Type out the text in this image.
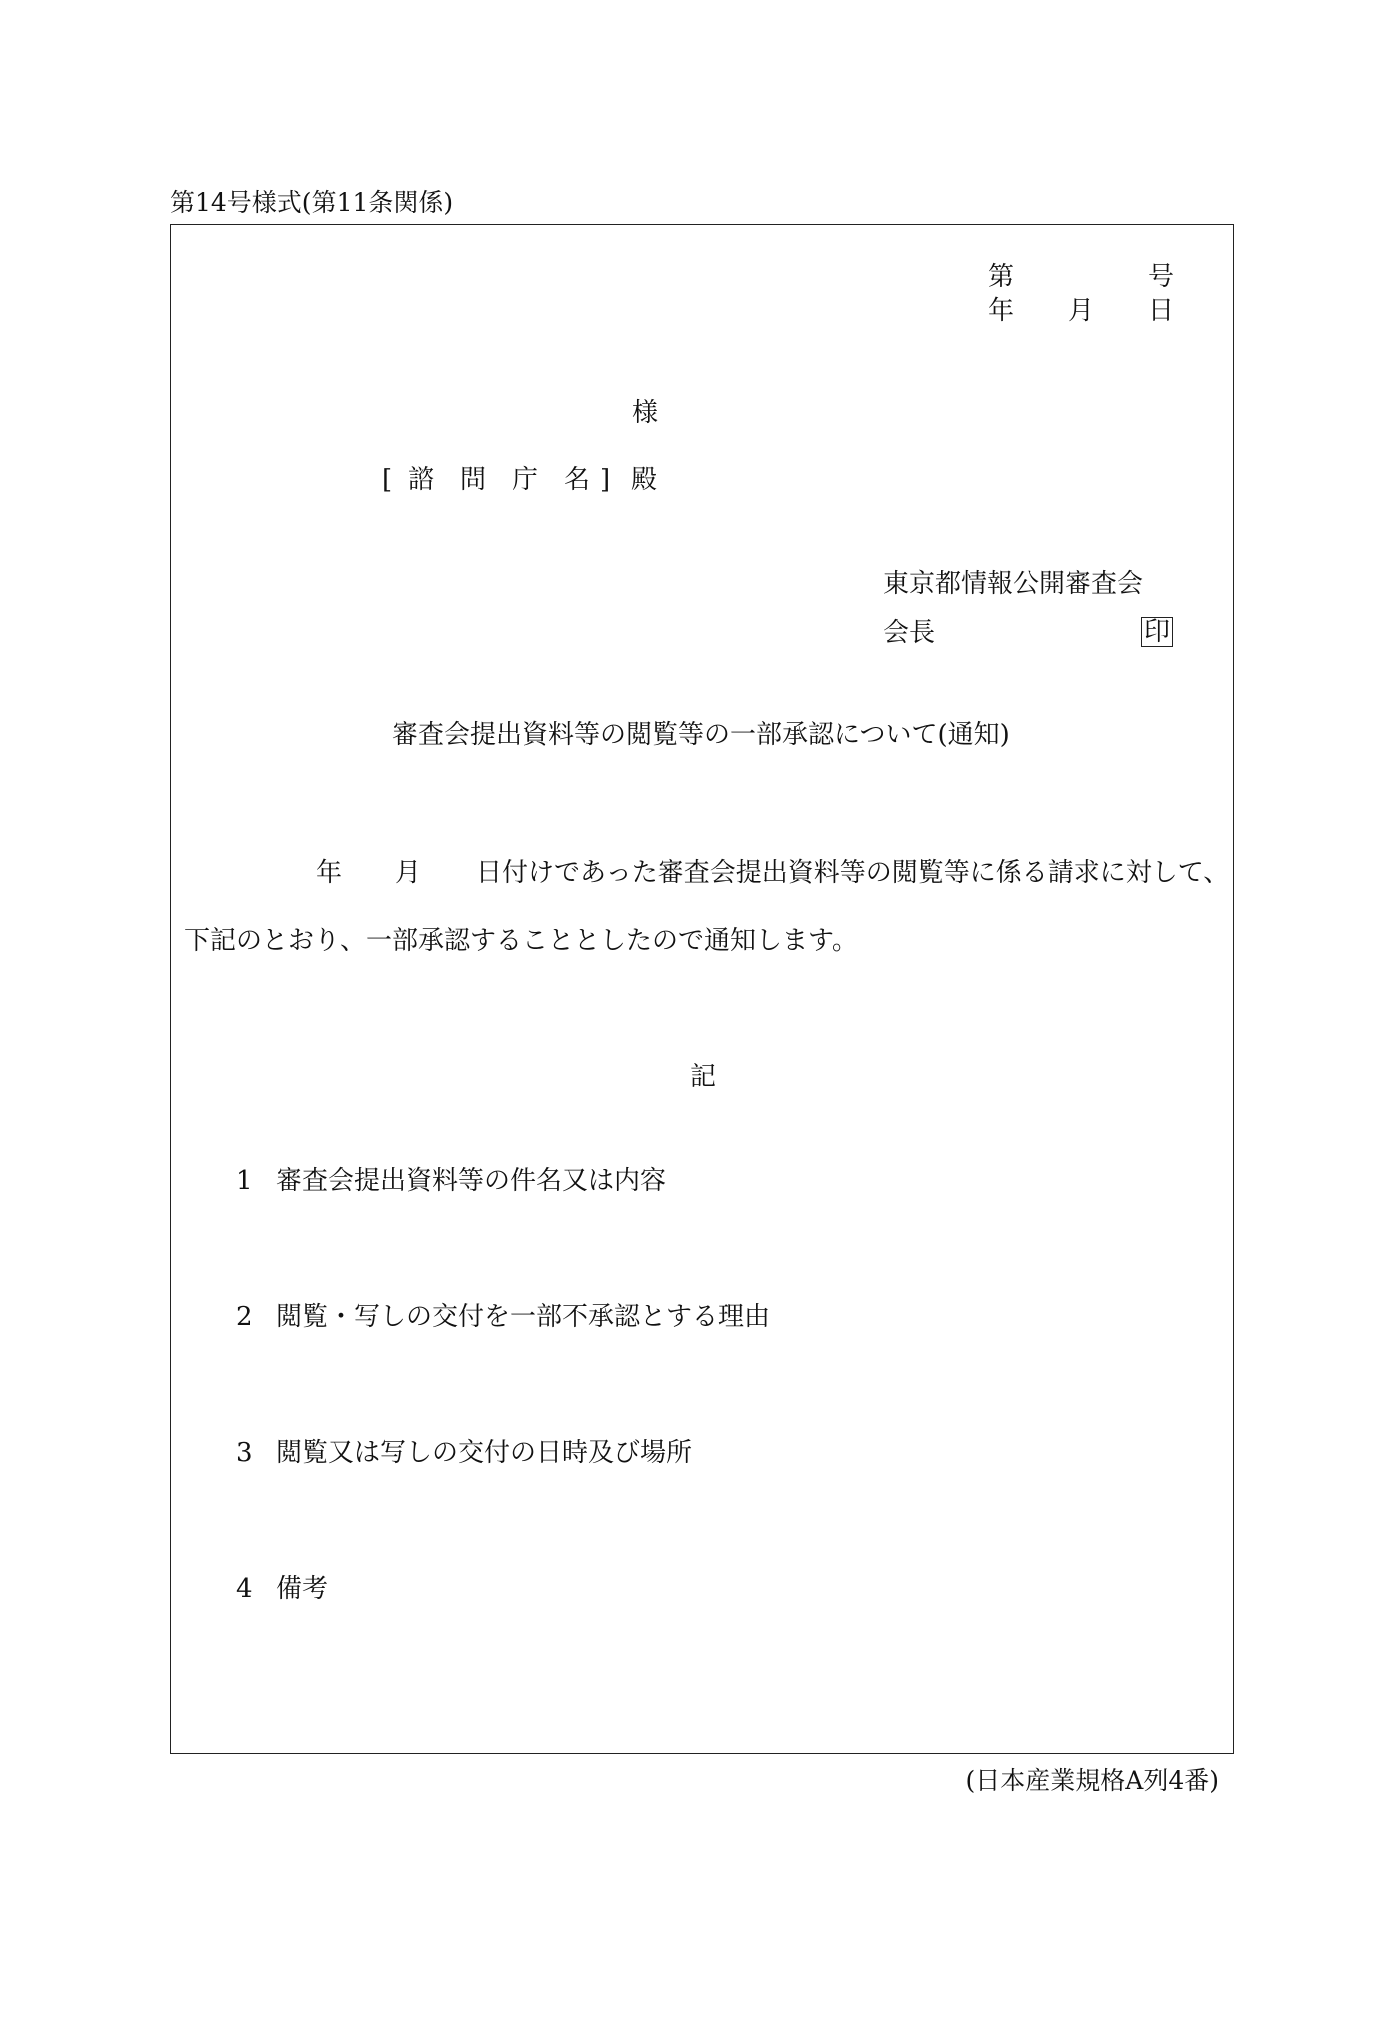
第14号様式(第11条関係)
第	号
年 月 日
様
[ 諮 問 庁 名 ] 殿
東京都情報公開審査会
会長	印
審査会提出資料等の閲覧等の一部承認について(通知)
年 月 日付けであった審査会提出資料等の閲覧等に係る請求に対して、
下記のとおり、一部承認することとしたので通知します。
記
1 審査会提出資料等の件名又は内容
2 閲覧・写しの交付を一部不承認とする理由
3 閲覧又は写しの交付の日時及び場所
4 備考
(日本産業規格A列4番)
